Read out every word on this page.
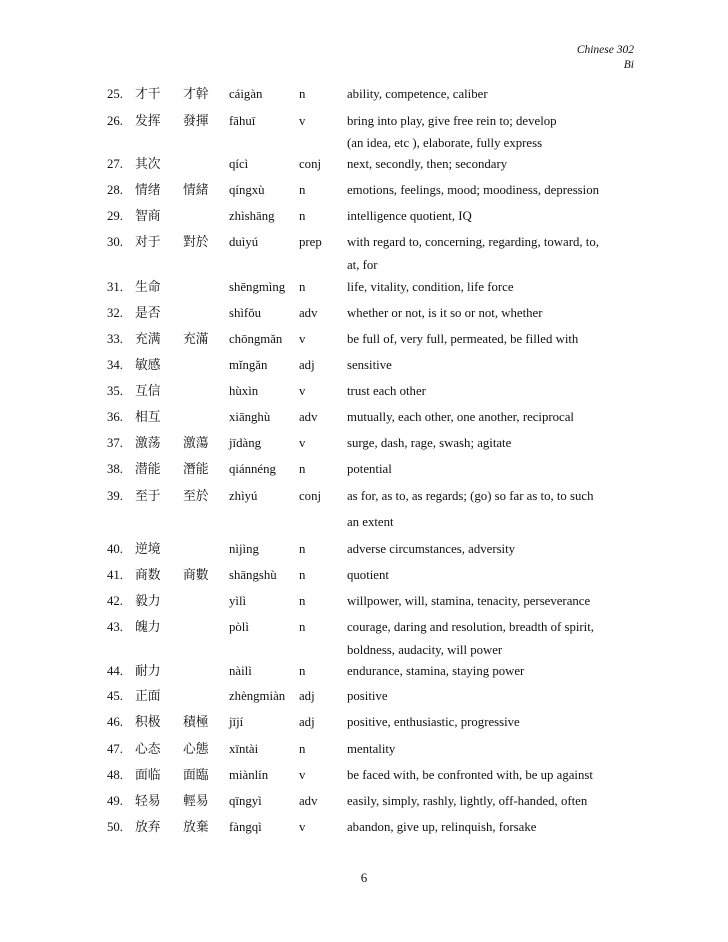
Chinese 302
Bi
25. 才干 才幹 cáigàn	n	ability, competence, caliber
26. 发挥 發揮 fāhuī	v	bring into play, give free rein to; develop
(an idea, etc ), elaborate, fully express
27. 其次	qícì	conj next, secondly, then; secondary
28. 情绪 情緒 qíngxù	n	emotions, feelings, mood; moodiness, depression
29. 智商	zhìshāng n	intelligence quotient, IQ
30. 对于 對於 duìyú	prep with regard to, concerning, regarding, toward, to,
at, for
31. 生命	shēngmìng n	life, vitality, condition, life force
32. 是否	shìfǒu	adv whether or not, is it so or not, whether
33. 充满 充滿 chōngmǎn v	be full of, very full, permeated, be filled with
34. 敏感	mǐngǎn adj	sensitive
35. 互信	hùxìn	v	trust each other
36. 相互	xiānghù adv mutually, each other, one another, reciprocal
37. 激荡 激蕩 jīdàng	v	surge, dash, rage, swash; agitate
38. 潜能 潛能 qiánnéng n	potential
39. 至于 至於 zhìyú	conj as for, as to, as regards; (go) so far as to, to such
an extent
40. 逆境	nìjìng	n	adverse circumstances, adversity
41. 商数 商數 shāngshù n	quotient
42. 毅力	yìlì	n	willpower, will, stamina, tenacity, perseverance
43. 魄力	pòlì	n	courage, daring and resolution, breadth of spirit,
boldness, audacity, will power
44. 耐力	nàilì	n	endurance, stamina, staying power
45. 正面	zhèngmiàn adj	positive
46. 积极 積極 jījí	adj	positive, enthusiastic, progressive
47. 心态 心態 xīntài	n	mentality
48. 面临 面臨 miànlín v	be faced with, be confronted with, be up against
49. 轻易 輕易 qīngyì	adv easily, simply, rashly, lightly, off-handed, often
50. 放弃 放棄 fàngqì	v	abandon, give up, relinquish, forsake
6
